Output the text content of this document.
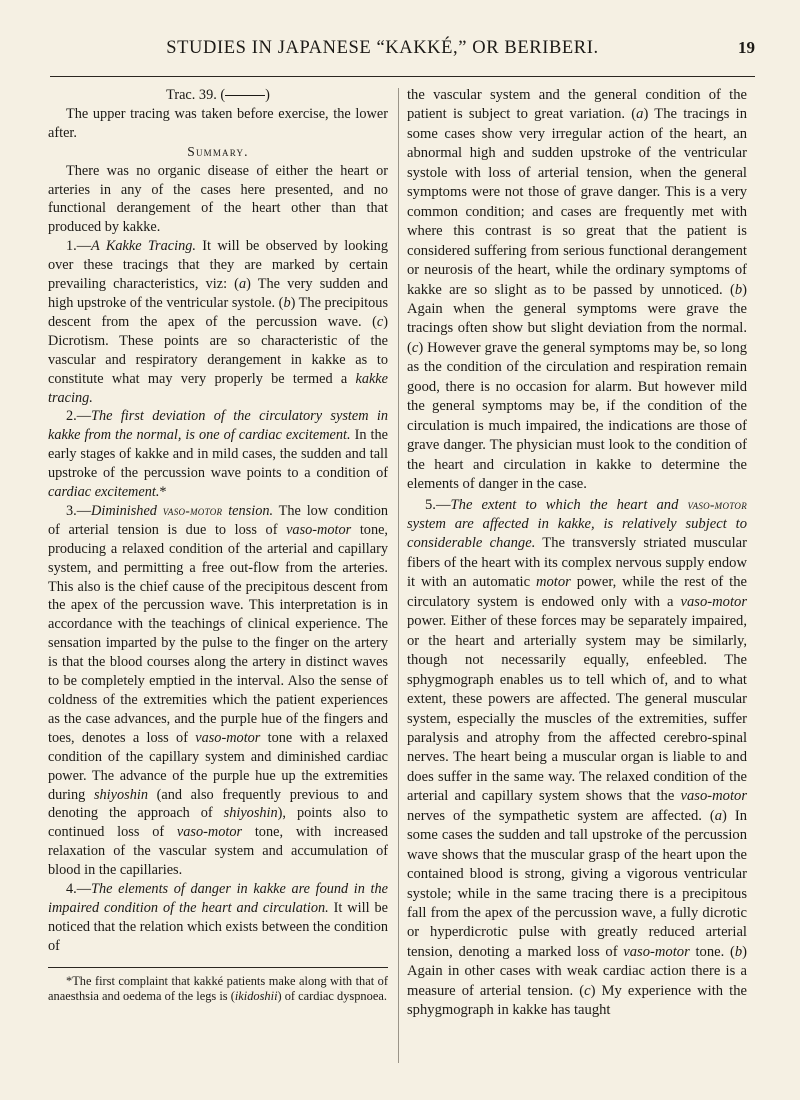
STUDIES IN JAPANESE “KAKKÉ,” OR BERIBERI.	19

Trac. 39. (	)

The upper tracing was taken before exercise, the lower after.

Summary.

There was no organic disease of either the heart or arteries in any of the cases here presented, and no functional derangement of the heart other than that produced by kakke.

1.—A Kakke Tracing. It will be observed by looking over these tracings that they are marked by certain prevailing characteristics, viz: (a) The very sudden and high upstroke of the ventricular systole. (b) The precipitous descent from the apex of the percussion wave. (c) Dicrotism. These points are so characteristic of the vascular and respiratory derangement in kakke as to constitute what may very properly be termed a kakke tracing.

2.—The first deviation of the circulatory system in kakke from the normal, is one of cardiac excitement. In the early stages of kakke and in mild cases, the sudden and tall upstroke of the percussion wave points to a condition of cardiac excitement.*

3.—Diminished vaso-motor tension. The low condition of arterial tension is due to loss of vaso-motor tone, producing a relaxed condition of the arterial and capillary system, and permitting a free out-flow from the arteries. This also is the chief cause of the precipitous descent from the apex of the percussion wave. This interpretation is in accordance with the teachings of clinical experience. The sensation imparted by the pulse to the finger on the artery is that the blood courses along the artery in distinct waves to be completely emptied in the interval. Also the sense of coldness of the extremities which the patient experiences as the case advances, and the purple hue of the fingers and toes, denotes a loss of vaso-motor tone with a relaxed condition of the capillary system and diminished cardiac power. The advance of the purple hue up the extremities during shiyoshin (and also frequently previous to and denoting the approach of shiyoshin), points also to continued loss of vaso-motor tone, with increased relaxation of the vascular system and accumulation of blood in the capillaries.

4.—The elements of danger in kakke are found in the impaired condition of the heart and circulation. It will be noticed that the relation which exists between the condition of

*The first complaint that kakké patients make along with that of anaesthsia and oedema of the legs is (ikidoshii) of cardiac dyspnoea.

the vascular system and the general condition of the patient is subject to great variation. (a) The tracings in some cases show very irregular action of the heart, an abnormal high and sudden upstroke of the ventricular systole with loss of arterial tension, when the general symptoms were not those of grave danger. This is a very common condition; and cases are frequently met with where this contrast is so great that the patient is considered suffering from serious functional derangement or neurosis of the heart, while the ordinary symptoms of kakke are so slight as to be passed by unnoticed. (b) Again when the general symptoms were grave the tracings often show but slight deviation from the normal. (c) However grave the general symptoms may be, so long as the condition of the circulation and respiration remain good, there is no occasion for alarm. But however mild the general symptoms may be, if the condition of the circulation is much impaired, the indications are those of grave danger. The physician must look to the condition of the heart and circulation in kakke to determine the elements of danger in the case.

5.—The extent to which the heart and vaso-motor system are affected in kakke, is relatively subject to considerable change. The transversly striated muscular fibers of the heart with its complex nervous supply endow it with an automatic motor power, while the rest of the circulatory system is endowed only with a vaso-motor power. Either of these forces may be separately impaired, or the heart and arterially system may be similarly, though not necessarily equally, enfeebled. The sphygmograph enables us to tell which of, and to what extent, these powers are affected. The general muscular system, especially the muscles of the extremities, suffer paralysis and atrophy from the affected cerebro-spinal nerves. The heart being a muscular organ is liable to and does suffer in the same way. The relaxed condition of the arterial and capillary system shows that the vaso-motor nerves of the sympathetic system are affected. (a) In some cases the sudden and tall upstroke of the percussion wave shows that the muscular grasp of the heart upon the contained blood is strong, giving a vigorous ventricular systole; while in the same tracing there is a precipitous fall from the apex of the percussion wave, a fully dicrotic or hyperdicrotic pulse with greatly reduced arterial tension, denoting a marked loss of vaso-motor tone. (b) Again in other cases with weak cardiac action there is a measure of arterial tension. (c) My experience with the sphygmograph in kakke has taught
